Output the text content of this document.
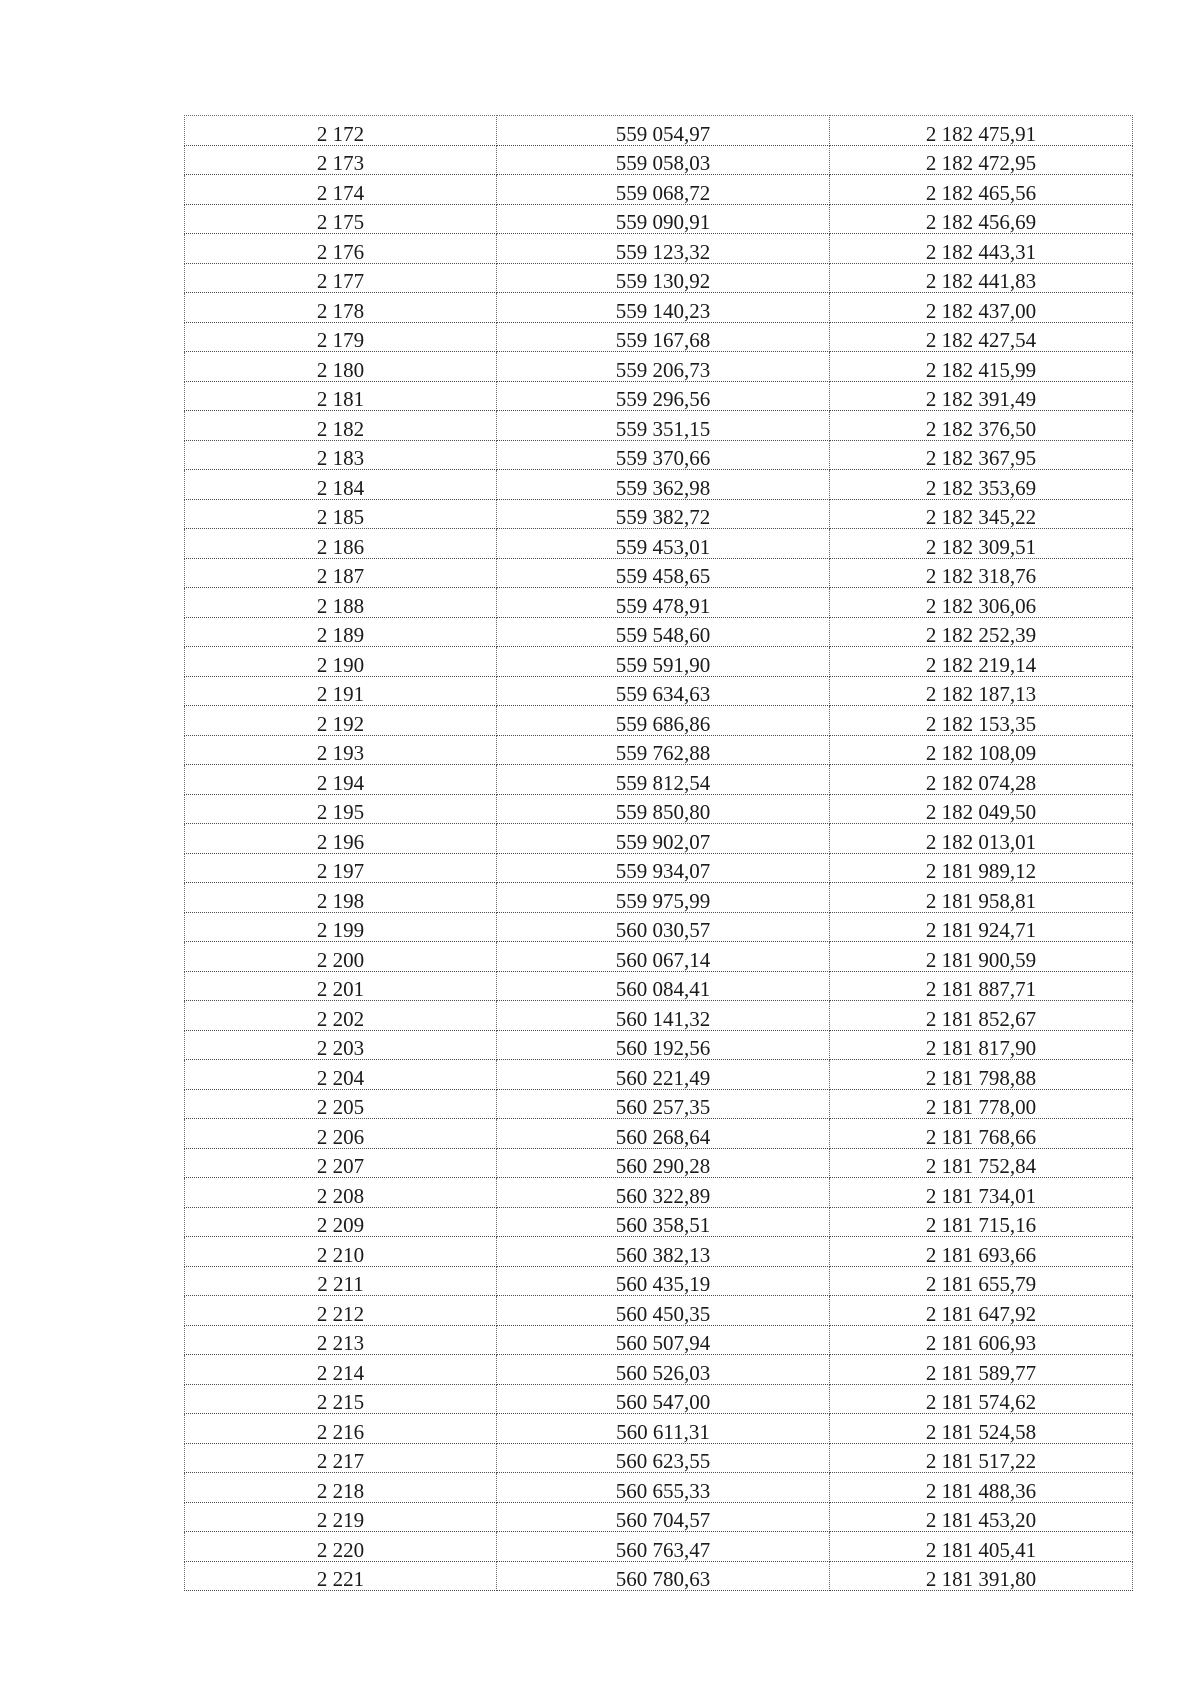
2 172	559 054,97	2 182 475,91
2 173	559 058,03	2 182 472,95
2 174	559 068,72	2 182 465,56
2 175	559 090,91	2 182 456,69
2 176	559 123,32	2 182 443,31
2 177	559 130,92	2 182 441,83
2 178	559 140,23	2 182 437,00
2 179	559 167,68	2 182 427,54
2 180	559 206,73	2 182 415,99
2 181	559 296,56	2 182 391,49
2 182	559 351,15	2 182 376,50
2 183	559 370,66	2 182 367,95
2 184	559 362,98	2 182 353,69
2 185	559 382,72	2 182 345,22
2 186	559 453,01	2 182 309,51
2 187	559 458,65	2 182 318,76
2 188	559 478,91	2 182 306,06
2 189	559 548,60	2 182 252,39
2 190	559 591,90	2 182 219,14
2 191	559 634,63	2 182 187,13
2 192	559 686,86	2 182 153,35
2 193	559 762,88	2 182 108,09
2 194	559 812,54	2 182 074,28
2 195	559 850,80	2 182 049,50
2 196	559 902,07	2 182 013,01
2 197	559 934,07	2 181 989,12
2 198	559 975,99	2 181 958,81
2 199	560 030,57	2 181 924,71
2 200	560 067,14	2 181 900,59
2 201	560 084,41	2 181 887,71
2 202	560 141,32	2 181 852,67
2 203	560 192,56	2 181 817,90
2 204	560 221,49	2 181 798,88
2 205	560 257,35	2 181 778,00
2 206	560 268,64	2 181 768,66
2 207	560 290,28	2 181 752,84
2 208	560 322,89	2 181 734,01
2 209	560 358,51	2 181 715,16
2 210	560 382,13	2 181 693,66
2 211	560 435,19	2 181 655,79
2 212	560 450,35	2 181 647,92
2 213	560 507,94	2 181 606,93
2 214	560 526,03	2 181 589,77
2 215	560 547,00	2 181 574,62
2 216	560 611,31	2 181 524,58
2 217	560 623,55	2 181 517,22
2 218	560 655,33	2 181 488,36
2 219	560 704,57	2 181 453,20
2 220	560 763,47	2 181 405,41
2 221	560 780,63	2 181 391,80
